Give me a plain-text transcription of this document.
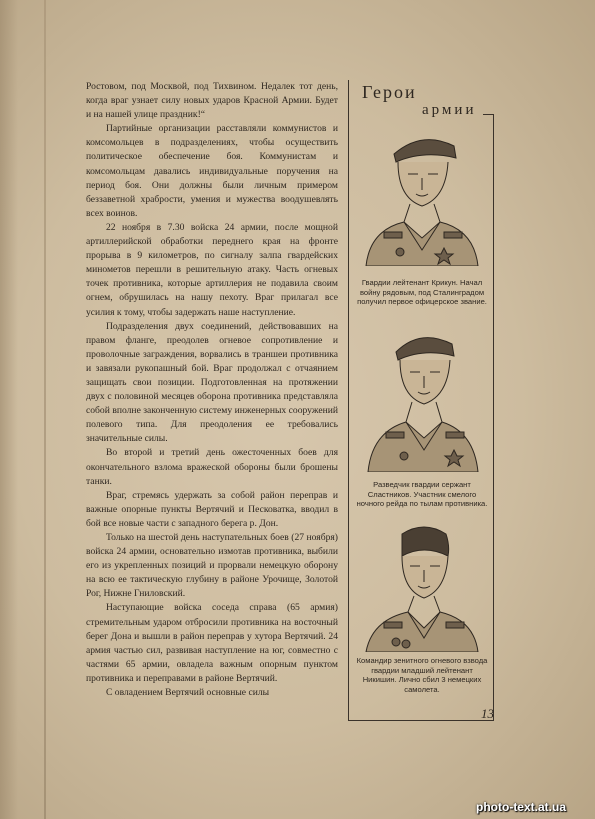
Ростовом, под Москвой, под Тихвином. Недалек тот день, когда враг узнает силу новых ударов Красной Армии. Будет и на нашей улице праздник!“

Партийные организации расставляли коммунистов и комсомольцев в подразделениях, чтобы осуществить политическое обеспечение боя. Коммунистам и комсомольцам давались индивидуальные поручения на период боя. Они должны были личным примером беззаветной храбрости, умения и мужества воодушевлять всех воинов.

22 ноября в 7.30 войска 24 армии, после мощной артиллерийской обработки переднего края на фронте прорыва в 9 километров, по сигналу залпа гвардейских минометов перешли в решительную атаку. Часть огневых точек противника, которые артиллерия не подавила своим огнем, обрушилась на нашу пехоту. Враг прилагал все усилия к тому, чтобы задержать наше наступление.

Подразделения двух соединений, действовавших на правом фланге, преодолев огневое сопротивление и проволочные заграждения, ворвались в траншеи противника и завязали рукопашный бой. Враг продолжал с отчаянием защищать свои позиции. Подготовленная на протяжении двух с половиной месяцев оборона противника представляла собой вполне законченную систему инженерных сооружений полевого типа. Для преодоления ее требовались значительные силы.

Во второй и третий день ожесточенных боев для окончательного взлома вражеской обороны были брошены танки.

Враг, стремясь удержать за собой район переправ и важные опорные пункты Вертячий и Песковатка, вводил в бой все новые части с западного берега р. Дон.

Только на шестой день наступательных боев (27 ноября) войска 24 армии, основательно измотав противника, выбили его из укрепленных позиций и прорвали немецкую оборону на всю ее тактическую глубину в районе Урочище, Золотой Рог, Нижне Гниловский.

Наступающие войска соседа справа (65 армия) стремительным ударом отбросили противника на восточный берег Дона и вышли в район переправ у хутора Вертячий. 24 армия частью сил, развивая наступление на юг, совместно с частями 65 армии, овладела важным опорным пунктом противника и переправами в районе Вертячий.

С овладением Вертячий основные силы

Герои
армии
Гвардии лейтенант Крикун. Начал войну рядовым, под Сталинградом получил первое офицерское звание.
Разведчик гвардии сержант Сластников. Участник смелого ночного рейда по тылам противника.
Командир зенитного огневого взвода гвардии младший лейтенант Никишин. Лично сбил 3 немецких самолета.
13
photo-text.at.ua
